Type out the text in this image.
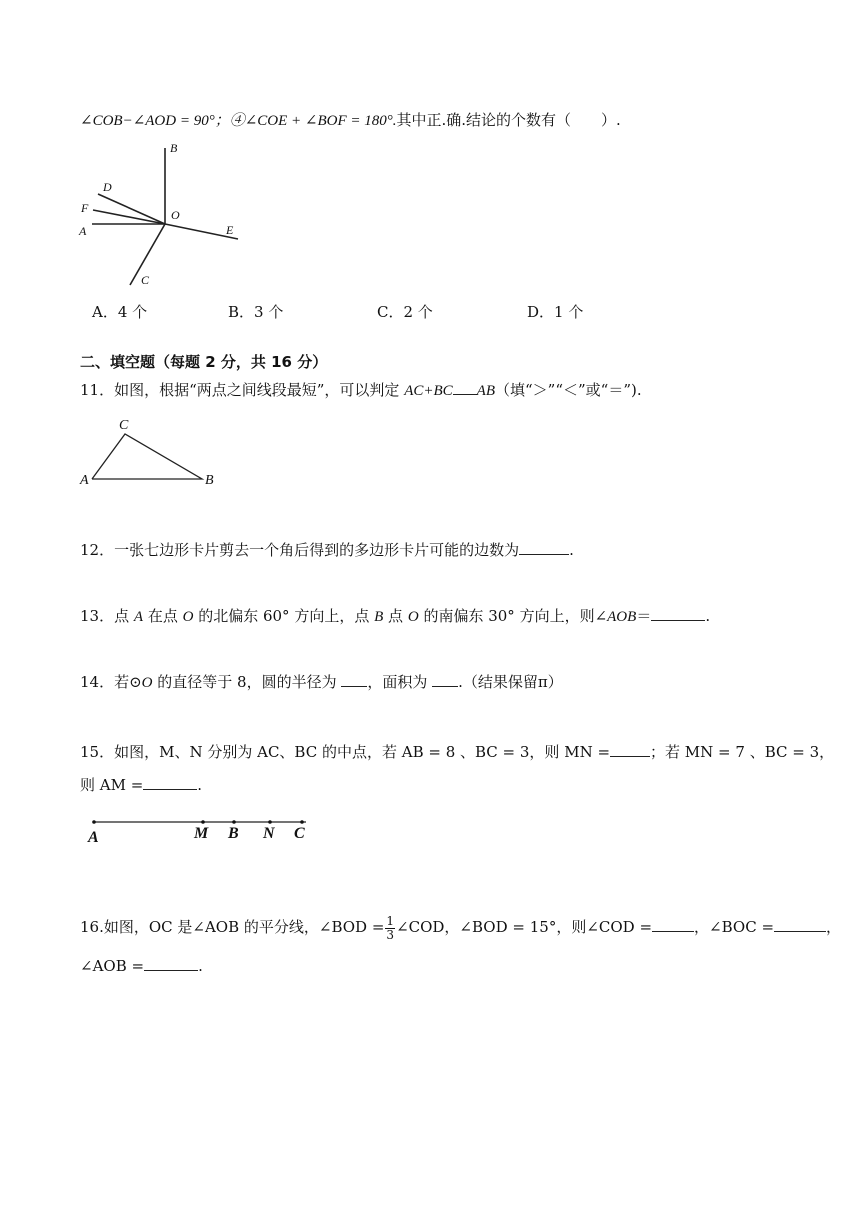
∠COB−∠AOD = 90°；④∠COE + ∠BOF = 180°.其中正.确.结论的个数有（　　）.
B
D
F	O
A	E
C
A．4 个	B．3 个	C．2 个	D．1 个
二、填空题（每题 2 分，共 16 分）
11．如图，根据“两点之间线段最短”，可以判定 AC+BC AB（填“＞”“＜”或“＝”).
C
A	B
12．一张七边形卡片剪去一个角后得到的多边形卡片可能的边数为	.
13．点 A 在点 O 的北偏东 60° 方向上，点 B 点 O 的南偏东 30° 方向上，则∠AOB＝	.
14．若⊙O 的直径等于 8，圆的半径为 ，面积为 .（结果保留π）
15．如图，M、N 分别为 AC、BC 的中点，若 AB = 8 、BC = 3，则 MN =	；若 MN = 7 、BC = 3，
则 AM =	.
A	M B N C
16.如图，OC 是∠AOB 的平分线，∠BOD = $\frac{1}{3}$ ∠COD，∠BOD = 15°，则∠COD =	，∠BOC =	，
∠AOB =	.
